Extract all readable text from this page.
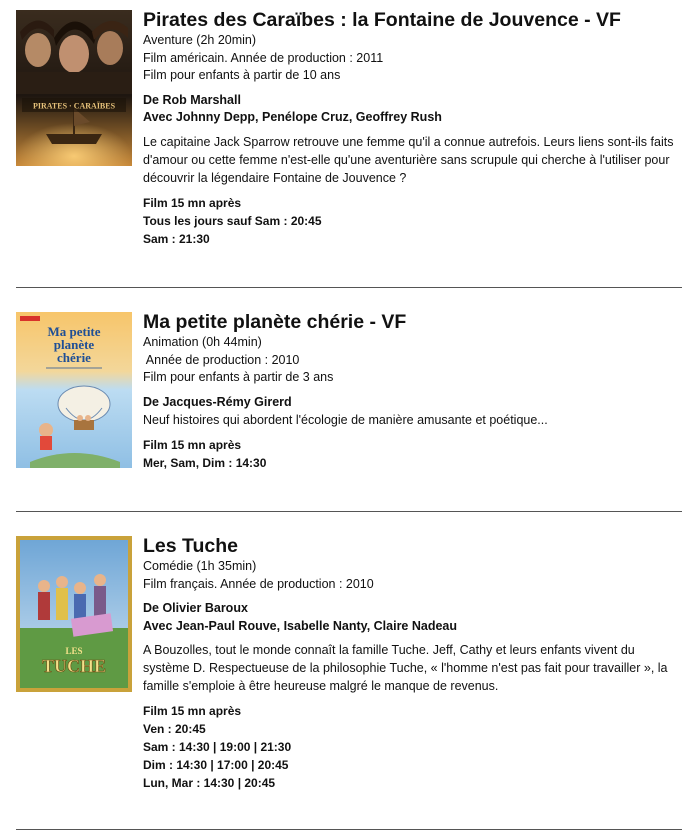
PIRATES · CARAÏBES
Pirates des Caraïbes : la Fontaine de Jouvence - VF
Aventure (2h 20min)
Film américain. Année de production : 2011
Film pour enfants à partir de 10 ans
De Rob Marshall
Avec Johnny Depp, Penélope Cruz, Geoffrey Rush
Le capitaine Jack Sparrow retrouve une femme qu'il a connue autrefois. Leurs liens sont-ils faits d'amour ou cette femme n'est-elle qu'une aventurière sans scrupule qui cherche à l'utiliser pour découvrir la légendaire Fontaine de Jouvence ?
Film 15 mn après
Tous les jours sauf Sam : 20:45
Sam : 21:30
Ma petite
planète
chérie
Ma petite planète chérie - VF
Animation (0h 44min)
Année de production : 2010
Film pour enfants à partir de 3 ans
De Jacques-Rémy Girerd
Neuf histoires qui abordent l'écologie de manière amusante et poétique...
Film 15 mn après
Mer, Sam, Dim : 14:30
LES
TUCHE
Les Tuche
Comédie (1h 35min)
Film français. Année de production : 2010
De Olivier Baroux
Avec Jean-Paul Rouve, Isabelle Nanty, Claire Nadeau
A Bouzolles, tout le monde connaît la famille Tuche. Jeff, Cathy et leurs enfants vivent du système D. Respectueuse de la philosophie Tuche, « l'homme n'est pas fait pour travailler », la famille s'emploie à être heureuse malgré le manque de revenus.
Film 15 mn après
Ven : 20:45
Sam : 14:30 | 19:00 | 21:30
Dim : 14:30 | 17:00 | 20:45
Lun, Mar : 14:30 | 20:45
